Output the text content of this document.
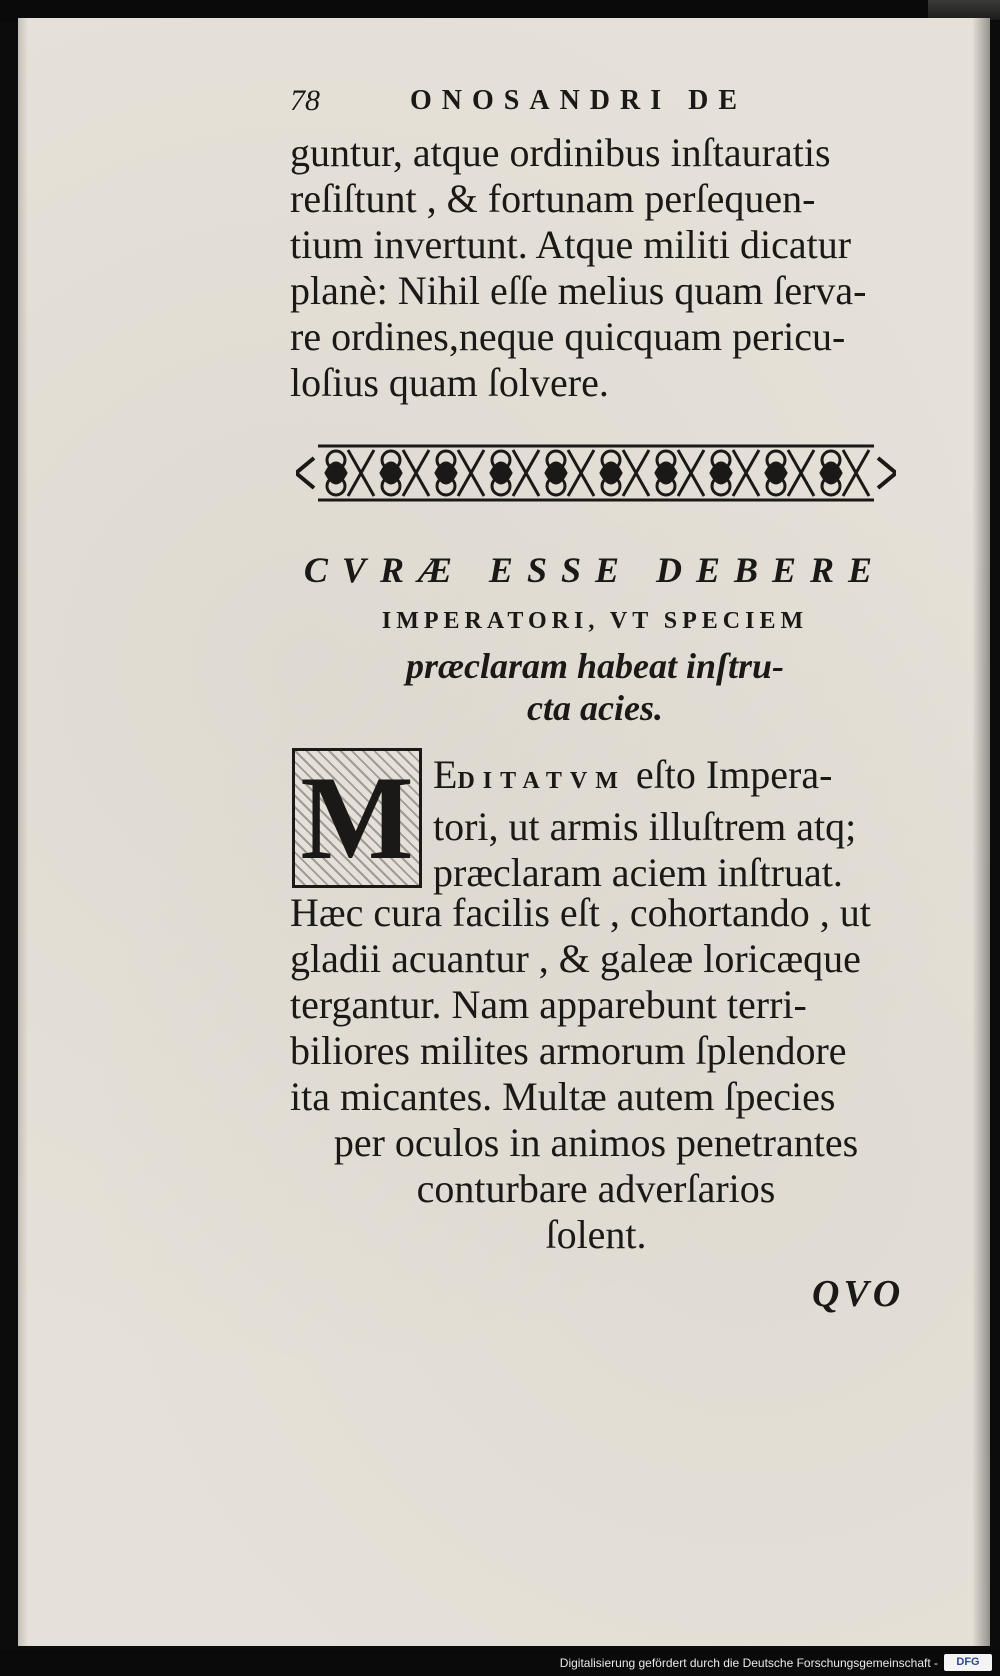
78	ONOSANDRI DE
guntur, atque ordinibus inſtauratis
reſiſtunt , & fortunam perſequen-
tium invertunt. Atque militi dicatur
planè: Nihil eſſe melius quam ſerva-
re ordines,neque quicquam pericu-
loſius quam ſolvere.
CVRÆ ESSE DEBERE
IMPERATORI, VT SPECIEM
præclaram habeat inſtru-
cta acies.
M EDITATVM eſto Impera-
tori, ut armis illuſtrem atq;
præclaram aciem inſtruat.
Hæc cura facilis eſt , cohortando , ut
gladii acuantur , & galeæ loricæque
tergantur. Nam apparebunt terri-
biliores milites armorum ſplendore
ita micantes. Multæ autem ſpecies
per oculos in animos penetrantes
conturbare adverſarios
ſolent.
QVO
Digitalisierung gefördert durch die Deutsche Forschungsgemeinschaft -	DFG
